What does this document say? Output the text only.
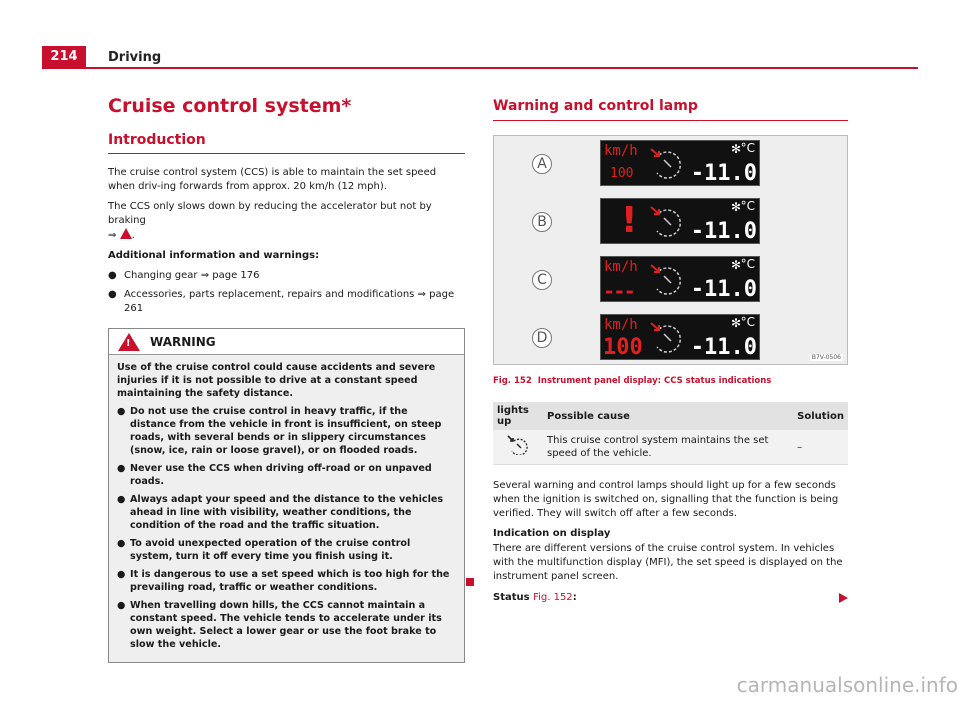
214	Driving
Cruise control system*
Introduction
The cruise control system (CCS) is able to maintain the set speed when driv-ing forwards from approx. 20 km/h (12 mph).
The CCS only slows down by reducing the accelerator but not by braking
⇒ .
Additional information and warnings:
● Changing gear ⇒ page 176
● Accessories, parts replacement, repairs and modifications ⇒ page 261
! WARNING
Use of the cruise control could cause accidents and severe injuries if it is not possible to drive at a constant speed maintaining the safety distance.
● Do not use the cruise control in heavy traffic, if the distance from the vehicle in front is insufficient, on steep roads, with several bends or in slippery circumstances (snow, ice, rain or loose gravel), or on flooded roads.
● Never use the CCS when driving off-road or on unpaved roads.
● Always adapt your speed and the distance to the vehicles ahead in line with visibility, weather conditions, the condition of the road and the traffic situation.
● To avoid unexpected operation of the cruise control system, turn it off every time you finish using it.
● It is dangerous to use a set speed which is too high for the prevailing road, traffic or weather conditions.
● When travelling down hills, the CCS cannot maintain a constant speed. The vehicle tends to accelerate under its own weight. Select a lower gear or use the foot brake to slow the vehicle.
Warning and control lamp
A
km/h
100
✻ °C
-11.0
B !	✻ °C
-11.0
C
km/h
---
✻ °C
-11.0
D
km/h
100
✻ °C
-11.0	B7V-0506
Fig. 152 Instrument panel display: CCS status indications
lights up	Possible cause	Solution
	This cruise control system maintains the set speed of the vehicle.	–
Several warning and control lamps should light up for a few seconds when the ignition is switched on, signalling that the function is being verified. They will switch off after a few seconds.
Indication on display
There are different versions of the cruise control system. In vehicles with the multifunction display (MFI), the set speed is displayed on the instrument panel screen.
Status Fig. 152:
carmanualsonline.info
